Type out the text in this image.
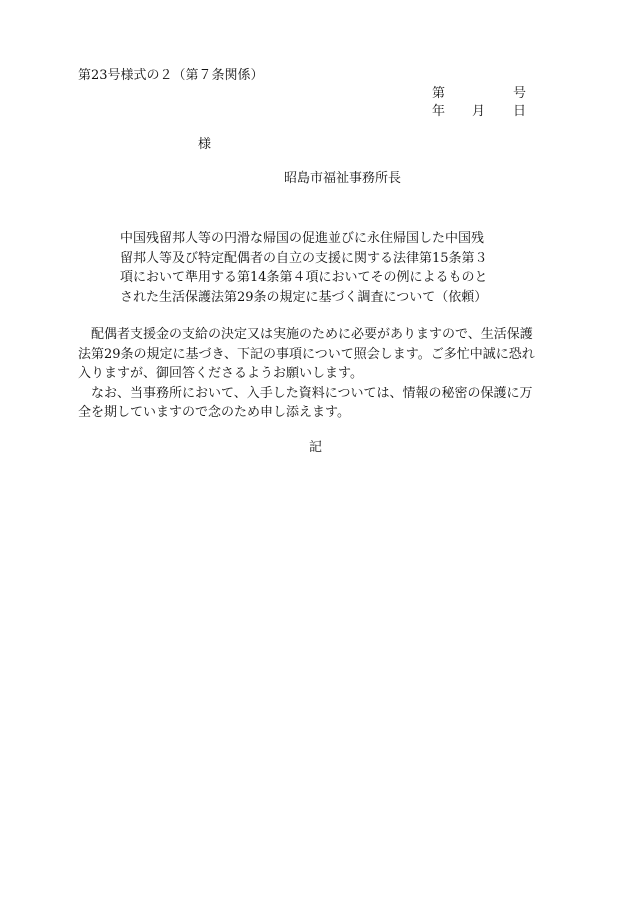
第23号様式の２（第７条関係）
第	号
年 月 日
様
昭島市福祉事務所長
中国残留邦人等の円滑な帰国の促進並びに永住帰国した中国残
留邦人等及び特定配偶者の自立の支援に関する法律第15条第３
項において準用する第14条第４項においてその例によるものと
された生活保護法第29条の規定に基づく調査について（依頼）
　配偶者支援金の支給の決定又は実施のために必要がありますので、生活保護
法第29条の規定に基づき、下記の事項について照会します。ご多忙中誠に恐れ
入りますが、御回答くださるようお願いします。
　なお、当事務所において、入手した資料については、情報の秘密の保護に万
全を期していますので念のため申し添えます。
記
